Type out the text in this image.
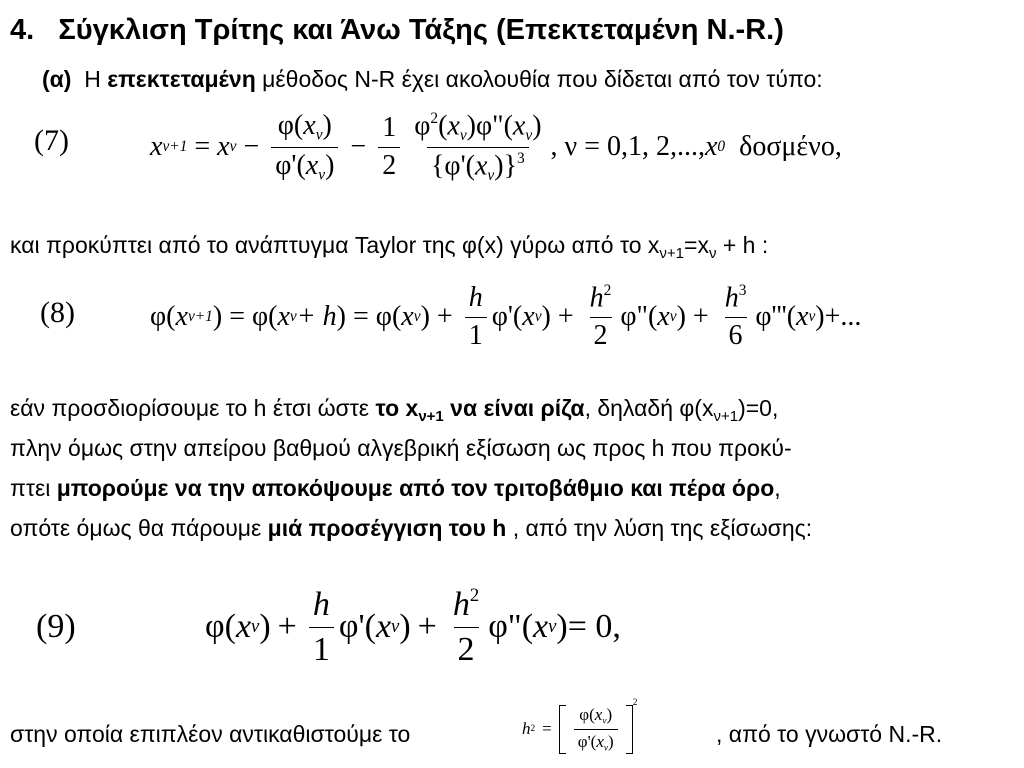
4. Σύγκλιση Τρίτης και Άνω Τάξης (Επεκτεταμένη N.-R.)
(α) Η επεκτεταμένη μέθοδος N-R έχει ακολουθία που δίδεται από τον τύπο:
(7)	x ν+1 = x $\nu - \frac{\varphi(x_\nu)}{\varphi'(x_\nu)} - \frac{1}{2} \frac{\varphi^2(x_\nu)\varphi"(x_\nu)}{\{\varphi'(x_\nu)\}^3}$ , ν = 0,1, 2,..., x 0
δοσμένο,
και προκύπτει από το ανάπτυγμα Taylor της φ(x) γύρω από το $x_{\nu+1}=x_\nu + h$ :
(8)	φ ( x ν+1 ) = φ ( x ν + h ) = φ ( x ν ) + $\frac{h}{1} \varphi'$ ( x ν ) + $\frac{h^2}{2} \varphi$" ( x ν ) + $\frac{h^3}{6} \varphi'''$ ( x ν ) +...
εάν προσδιορίσουμε το h έτσι ώστε το $x_{\nu+1}$ να είναι ρίζα, δηλαδή $\varphi(x_{\nu+1})=0$,
πλην όμως στην απείρου βαθμού αλγεβρική εξίσωση ως προς h που προκύ-
πτει μπορούμε να την αποκόψουμε από τον τριτοβάθμιο και πέρα όρο,
οπότε όμως θα πάρουμε μιά προσέγγιση του h , από την λύση της εξίσωσης:
(9)	φ ( x ν ) + $\frac{h}{1} \varphi'$ ( x ν ) + $\frac{h^2}{2} \varphi$" ( x ν ) = 0,
στην οποία επιπλέον αντικαθιστούμε το	h $2 = \frac{\varphi(x_\nu)}{\varphi'(x_\nu)}$
2
, από το γνωστό N.-R.
